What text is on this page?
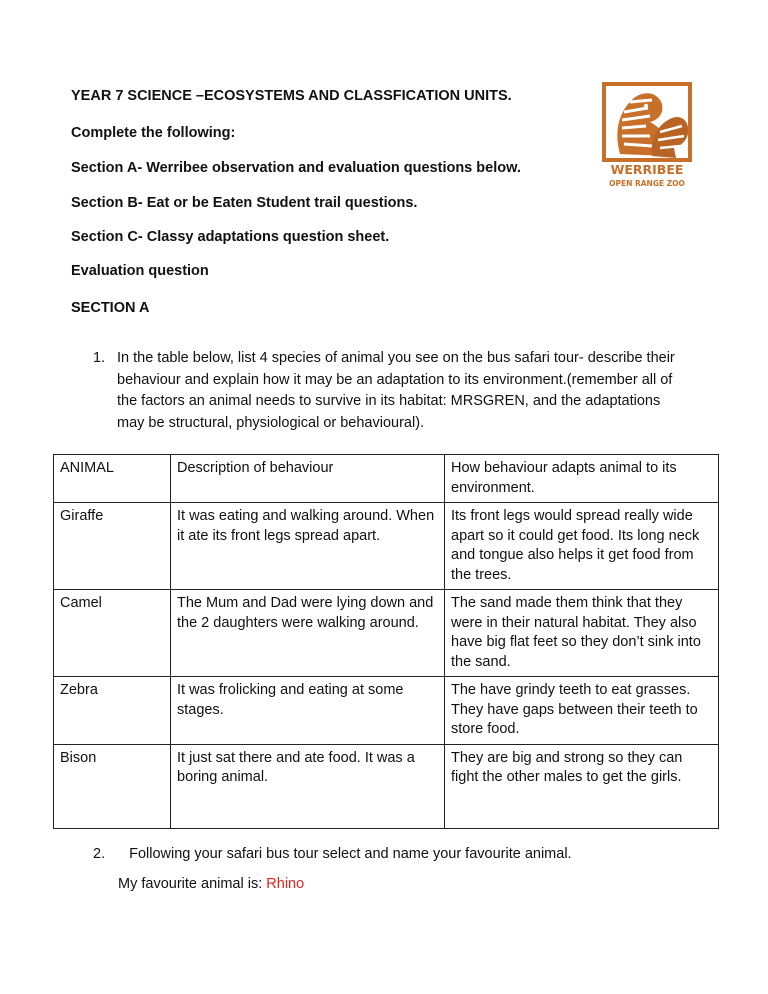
YEAR 7 SCIENCE –ECOSYSTEMS AND CLASSFICATION UNITS.
Complete the following:
Section A- Werribee observation and evaluation questions below.
Section B- Eat or be Eaten Student trail questions.
Section C- Classy adaptations question sheet.
Evaluation question
SECTION A
WERRIBEE
OPEN RANGE ZOO
1. In the table below, list 4 species of animal you see on the bus safari tour- describe their behaviour and explain how it may be an adaptation to its environment.(remember all of the factors an animal needs to survive in its habitat: MRSGREN, and the adaptations may be structural, physiological or behavioural).
ANIMAL	Description of behaviour	How behaviour adapts animal to its environment.
Giraffe	It was eating and walking around. When it ate its front legs spread apart.	Its front legs would spread really wide apart so it could get food. Its long neck and tongue also helps it get food from the trees.
Camel	The Mum and Dad were lying down and the 2 daughters were walking around.	The sand made them think that they were in their natural habitat. They also have big flat feet so they don’t sink into the sand.
Zebra	It was frolicking and eating at some stages.	The have grindy teeth to eat grasses. They have gaps between their teeth to store food.
Bison	It just sat there and ate food. It was a boring animal.	They are big and strong so they can fight the other males to get the girls.
2. Following your safari bus tour select and name your favourite animal.
My favourite animal is: Rhino
